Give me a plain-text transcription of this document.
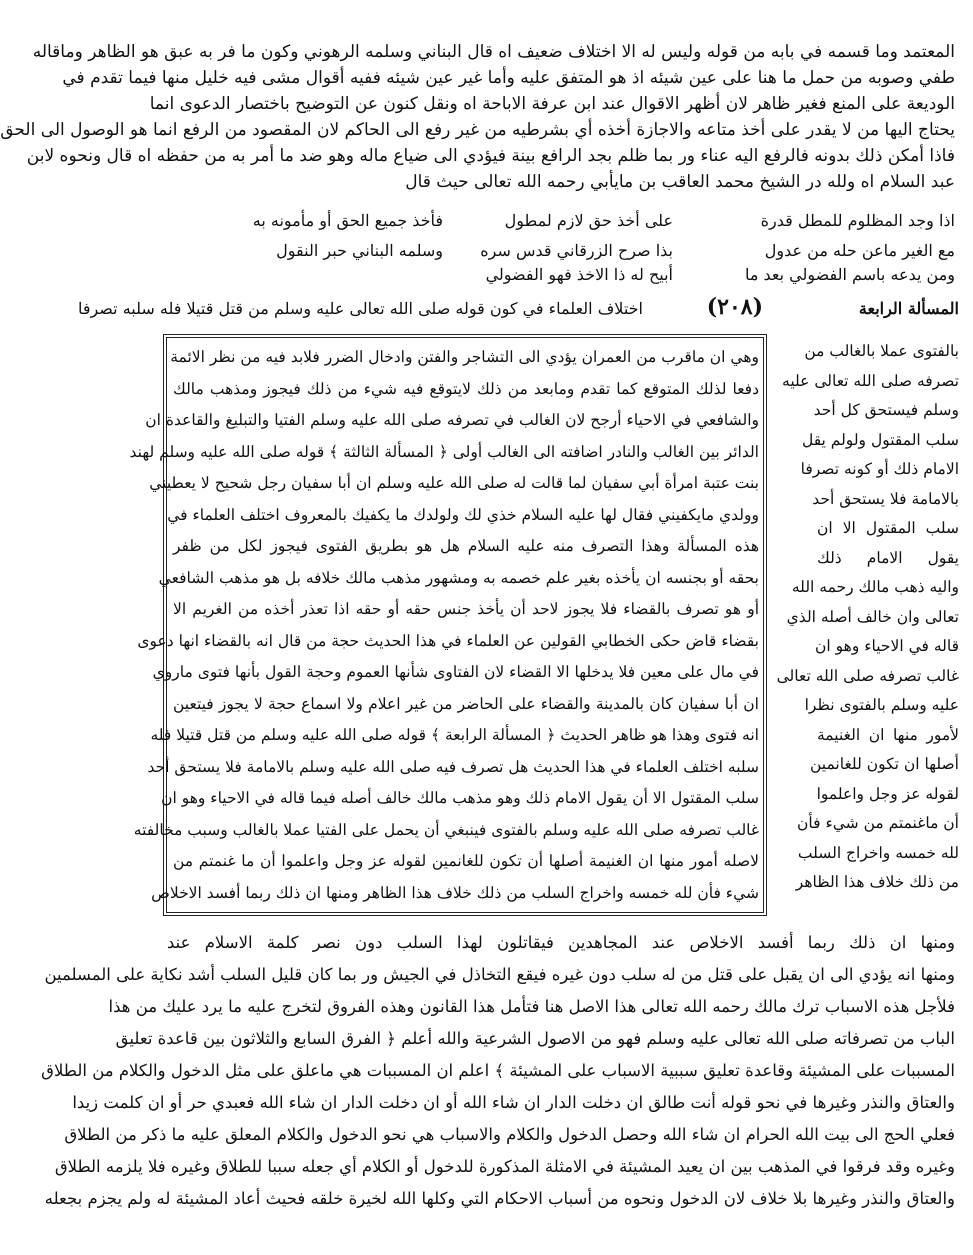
المعتمد وما قسمه في بابه من قوله وليس له الا اختلاف ضعيف اه قال البناني وسلمه الرهوني وكون ما فر به عبق هو الظاهر وماقاله
طفي وصوبه من حمل ما هنا على عين شيئه اذ هو المتفق عليه وأما غير عين شيئه ففيه أقوال مشى فيه خليل منها فيما تقدم في
الوديعة على المنع فغير ظاهر لان أظهر الاقوال عند ابن عرفة الاباحة اه ونقل كنون عن التوضيح باختصار الدعوى انما
يحتاج اليها من لا يقدر على أخذ متاعه والاجازة أخذه أي بشرطيه من غير رفع الى الحاكم لان المقصود من الرفع انما هو الوصول الى الحق
فاذا أمكن ذلك بدونه فالرفع اليه عناء ور بما ظلم بجد الرافع بينة فيؤدي الى ضياع ماله وهو ضد ما أمر به من حفظه اه قال ونحوه لابن
عبد السلام اه ولله در الشيخ محمد العاقب بن مايأبي رحمه الله تعالى حيث قال
اذا وجد المظلوم للمطل قدرة
على أخذ حق لازم لمطول
فأخذ جميع الحق أو مأمونه به
مع الغير ماعن حله من عدول
بذا صرح الزرقاني قدس سره
وسلمه البناني حبر النقول
ومن يدعه باسم الفضولي بعد ما
أبيح له ذا الاخذ فهو الفضولي
المسألة الرابعة
(٢٠٨)
اختلاف العلماء في كون قوله صلى الله تعالى عليه وسلم من قتل قتيلا فله سلبه تصرفا
بالفتوى عملا بالغالب من
تصرفه صلى الله تعالى عليه
وسلم فيستحق كل أحد
سلب المقتول ولولم يقل
الامام ذلك أو كونه تصرفا
بالامامة فلا يستحق أحد
سلب المقتول الا ان
يقول الامام ذلك
واليه ذهب مالك رحمه الله
تعالى وان خالف أصله الذي
قاله في الاحياء وهو ان
غالب تصرفه صلى الله تعالى
عليه وسلم بالفتوى نظرا
لأمور منها ان الغنيمة
أصلها ان تكون للغانمين
لقوله عز وجل واعلموا
أن ماغنمتم من شيء فأن
لله خمسه واخراج السلب
من ذلك خلاف هذا الظاهر
وهي ان ماقرب من العمران يؤدي الى التشاجر والفتن وادخال الضرر فلابد فيه من نظر الائمة
دفعا لذلك المتوقع كما تقدم ومابعد من ذلك لايتوقع فيه شيء من ذلك فيجوز ومذهب مالك
والشافعي في الاحياء أرجح لان الغالب في تصرفه صلى الله عليه وسلم الفتيا والتبليغ والقاعدة ان
الدائر بين الغالب والنادر اضافته الى الغالب أولى ﴿ المسألة الثالثة ﴾ قوله صلى الله عليه وسلم لهند
بنت عتبة امرأة أبي سفيان لما قالت له صلى الله عليه وسلم ان أبا سفيان رجل شحيح لا يعطيني
وولدي مايكفيني فقال لها عليه السلام خذي لك ولولدك ما يكفيك بالمعروف اختلف العلماء في
هذه المسألة وهذا التصرف منه عليه السلام هل هو بطريق الفتوى فيجوز لكل من ظفر
بحقه أو بجنسه ان يأخذه بغير علم خصمه به ومشهور مذهب مالك خلافه بل هو مذهب الشافعي
أو هو تصرف بالقضاء فلا يجوز لاحد أن يأخذ جنس حقه أو حقه اذا تعذر أخذه من الغريم الا
بقضاء قاض حكى الخطابي القولين عن العلماء في هذا الحديث حجة من قال انه بالقضاء انها دعوى
في مال على معين فلا يدخلها الا القضاء لان الفتاوى شأنها العموم وحجة القول بأنها فتوى ماروي
ان أبا سفيان كان بالمدينة والقضاء على الحاضر من غير اعلام ولا اسماع حجة لا يجوز فيتعين
انه فتوى وهذا هو ظاهر الحديث ﴿ المسألة الرابعة ﴾ قوله صلى الله عليه وسلم من قتل قتيلا فله
سلبه اختلف العلماء في هذا الحديث هل تصرف فيه صلى الله عليه وسلم بالامامة فلا يستحق أحد
سلب المقتول الا أن يقول الامام ذلك وهو مذهب مالك خالف أصله فيما قاله في الاحياء وهو ان
غالب تصرفه صلى الله عليه وسلم بالفتوى فينبغي أن يحمل على الفتيا عملا بالغالب وسبب مخالفته
لاصله أمور منها ان الغنيمة أصلها أن تكون للغانمين لقوله عز وجل واعلموا أن ما غنمتم من
شيء فأن لله خمسه واخراج السلب من ذلك خلاف هذا الظاهر ومنها ان ذلك ربما أفسد الاخلاص
ومنها ان ذلك ربما أفسد الاخلاص عند المجاهدين فيقاتلون لهذا السلب دون نصر كلمة الاسلام عند
ومنها انه يؤدي الى ان يقبل على قتل من له سلب دون غيره فيقع التخاذل في الجيش ور بما كان قليل السلب أشد نكاية على المسلمين
فلأجل هذه الاسباب ترك مالك رحمه الله تعالى هذا الاصل هنا فتأمل هذا القانون وهذه الفروق لتخرج عليه ما يرد عليك من هذا
الباب من تصرفاته صلى الله تعالى عليه وسلم فهو من الاصول الشرعية والله أعلم ﴿ الفرق السابع والثلاثون بين قاعدة تعليق
المسببات على المشيئة وقاعدة تعليق سببية الاسباب على المشيئة ﴾ اعلم ان المسببات هي ماعلق على مثل الدخول والكلام من الطلاق
والعتاق والنذر وغيرها في نحو قوله أنت طالق ان دخلت الدار ان شاء الله أو ان دخلت الدار ان شاء الله فعبدي حر أو ان كلمت زيدا
فعلي الحج الى بيت الله الحرام ان شاء الله وحصل الدخول والكلام والاسباب هي نحو الدخول والكلام المعلق عليه ما ذكر من الطلاق
وغيره وقد فرقوا في المذهب بين ان يعيد المشيئة في الامثلة المذكورة للدخول أو الكلام أي جعله سببا للطلاق وغيره فلا يلزمه الطلاق
والعتاق والنذر وغيرها بلا خلاف لان الدخول ونحوه من أسباب الاحكام التي وكلها الله لخيرة خلقه فحيث أعاد المشيئة له ولم يجزم بجعله
